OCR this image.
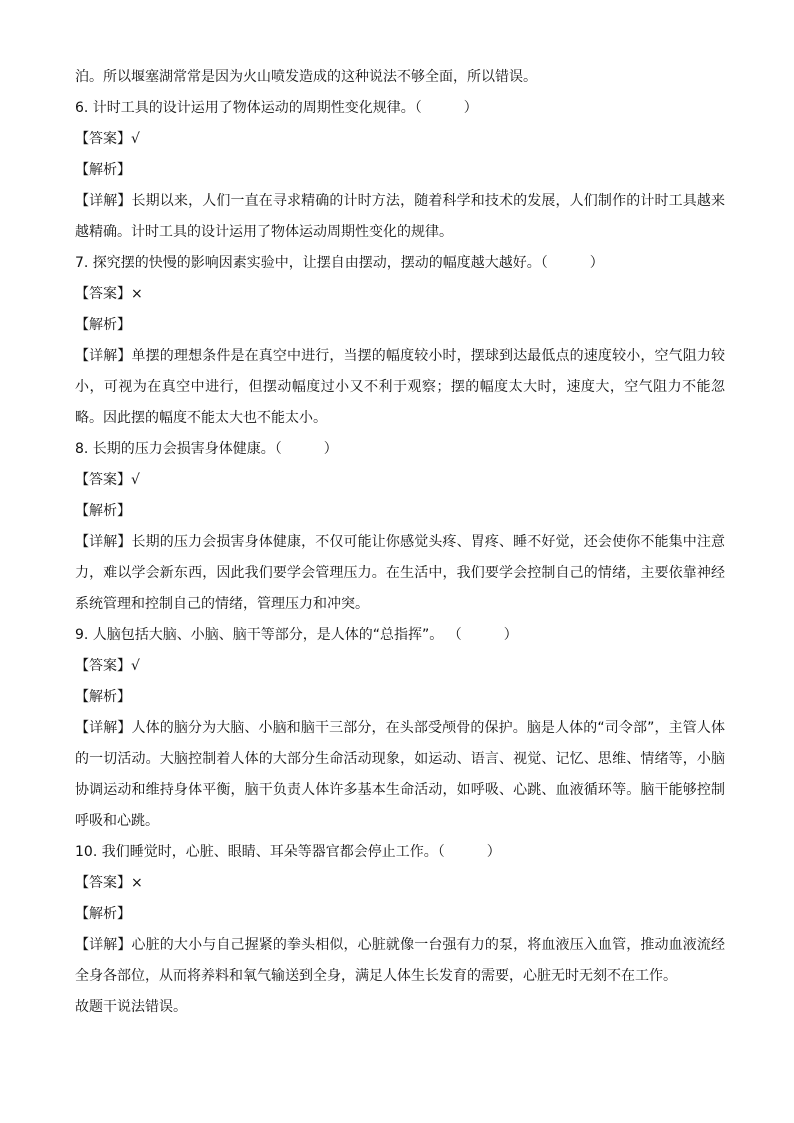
泊。所以堰塞湖常常是因为火山喷发造成的这种说法不够全面，所以错误。

6. 计时工具的设计运用了物体运动的周期性变化规律。（　　　）

【答案】√

【解析】

【详解】长期以来，人们一直在寻求精确的计时方法，随着科学和技术的发展，人们制作的计时工具越来越精确。计时工具的设计运用了物体运动周期性变化的规律。

7. 探究摆的快慢的影响因素实验中，让摆自由摆动，摆动的幅度越大越好。（　　　）

【答案】×

【解析】

【详解】单摆的理想条件是在真空中进行，当摆的幅度较小时，摆球到达最低点的速度较小，空气阻力较小，可视为在真空中进行，但摆动幅度过小又不利于观察；摆的幅度太大时，速度大，空气阻力不能忽略。因此摆的幅度不能太大也不能太小。

8. 长期的压力会损害身体健康。（　　　）

【答案】√

【解析】

【详解】长期的压力会损害身体健康，不仅可能让你感觉头疼、胃疼、睡不好觉，还会使你不能集中注意力，难以学会新东西，因此我们要学会管理压力。在生活中，我们要学会控制自己的情绪，主要依靠神经系统管理和控制自己的情绪，管理压力和冲突。

9. 人脑包括大脑、小脑、脑干等部分，是人体的“总指挥”。 （　　　）

【答案】√

【解析】

【详解】人体的脑分为大脑、小脑和脑干三部分，在头部受颅骨的保护。脑是人体的“司令部”，主管人体的一切活动。大脑控制着人体的大部分生命活动现象，如运动、语言、视觉、记忆、思维、情绪等，小脑协调运动和维持身体平衡，脑干负责人体许多基本生命活动，如呼吸、心跳、血液循环等。脑干能够控制呼吸和心跳。

10. 我们睡觉时，心脏、眼睛、耳朵等器官都会停止工作。（　　　）

【答案】×

【解析】

【详解】心脏的大小与自己握紧的拳头相似，心脏就像一台强有力的泵，将血液压入血管，推动血液流经全身各部位，从而将养料和氧气输送到全身，满足人体生长发育的需要，心脏无时无刻不在工作。

故题干说法错误。
